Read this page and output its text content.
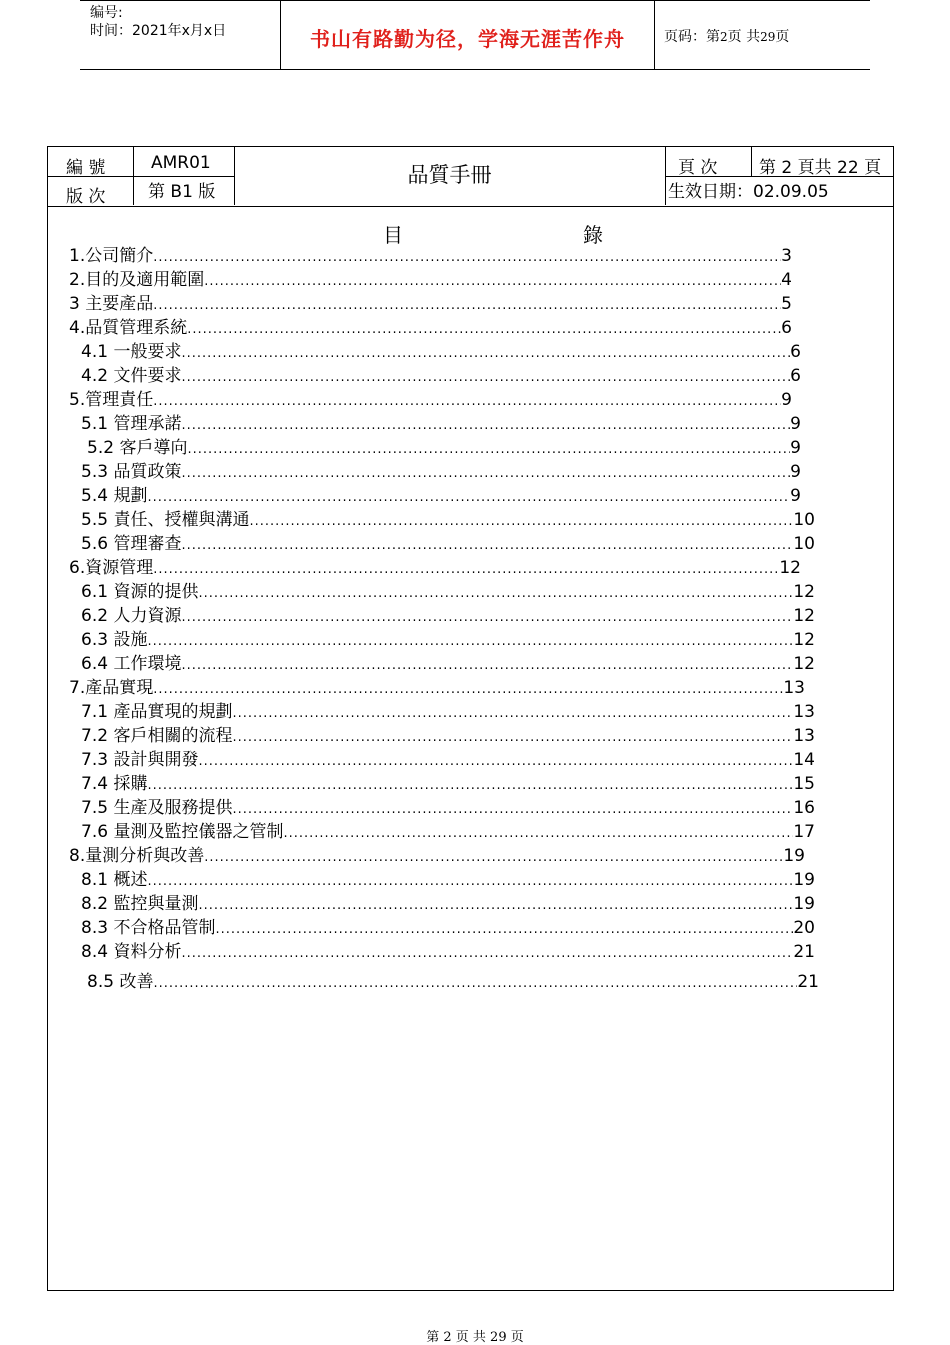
编号:
时间：2021年x月x日	书山有路勤为径，学海无涯苦作舟	页码：第2页 共29页
編 號	AMR01
版 次	第 B1 版
品質手冊	頁 次 第 2 頁共 22 頁
生效日期：02.09.05
目	錄
1.公司簡介 .....	3
2.目的及適用範圍 .....	4
3 主要產品 .....	5
4.品質管理系統 .....	6
4.1 一般要求 .....	6
4.2 文件要求 .....	6
5.管理責任 .....	9
5.1 管理承諾 .....	9
5.2 客戶導向 .....	9
5.3 品質政策 .....	9
5.4 規劃 .....	9
5.5 責任、授權與溝通 .....	10
5.6 管理審查 .....	10
6.資源管理 .....	12
6.1 資源的提供 .....	12
6.2 人力資源 .....	12
6.3 設施 .....	12
6.4 工作環境 .....	12
7.產品實現 .....	13
7.1 產品實現的規劃 .....	13
7.2 客戶相關的流程 .....	13
7.3 設計與開發 .....	14
7.4 採購 .....	15
7.5 生產及服務提供 .....	16
7.6 量測及監控儀器之管制 .....	17
8.量測分析與改善 .....	19
8.1 概述 .....	19
8.2 監控與量測 .....	19
8.3 不合格品管制 .....	20
8.4 資料分析 .....	21
8.5 改善 .....	21
第 2 页 共 29 页
